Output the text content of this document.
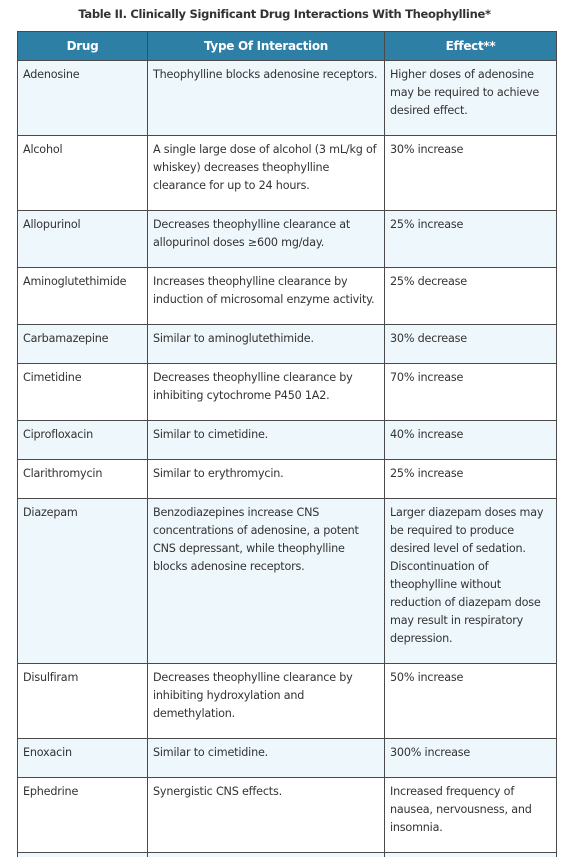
Table II. Clinically Significant Drug Interactions With Theophylline*
Drug	Type Of Interaction	Effect**
Adenosine	Theophylline blocks adenosine receptors.	Higher doses of adenosine may be required to achieve desired effect.
Alcohol	A single large dose of alcohol (3 mL/kg of whiskey) decreases theophylline clearance for up to 24 hours.	30% increase
Allopurinol	Decreases theophylline clearance at allopurinol doses ≥600 mg/day.	25% increase
Aminoglutethimide	Increases theophylline clearance by induction of microsomal enzyme activity.	25% decrease
Carbamazepine	Similar to aminoglutethimide.	30% decrease
Cimetidine	Decreases theophylline clearance by inhibiting cytochrome P450 1A2.	70% increase
Ciprofloxacin	Similar to cimetidine.	40% increase
Clarithromycin	Similar to erythromycin.	25% increase
Diazepam	Benzodiazepines increase CNS concentrations of adenosine, a potent CNS depressant, while theophylline blocks adenosine receptors.	Larger diazepam doses may be required to produce desired level of sedation. Discontinuation of theophylline without reduction of diazepam dose may result in respiratory depression.
Disulfiram	Decreases theophylline clearance by inhibiting hydroxylation and demethylation.	50% increase
Enoxacin	Similar to cimetidine.	300% increase
Ephedrine	Synergistic CNS effects.	Increased frequency of nausea, nervousness, and insomnia.
